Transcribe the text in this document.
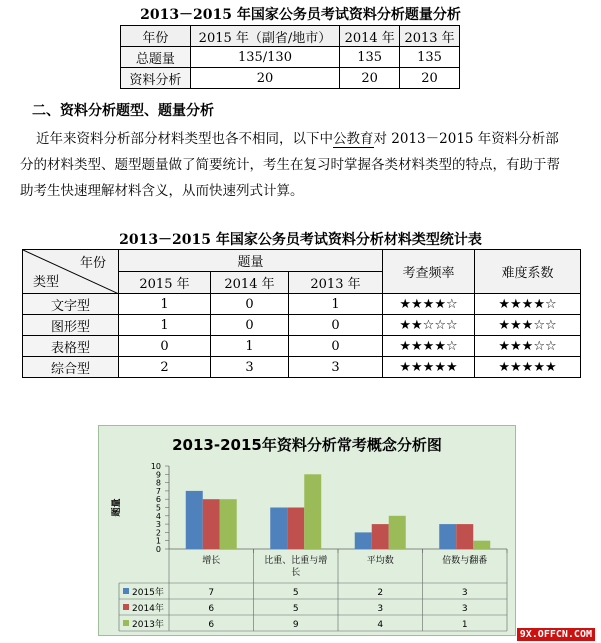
2013－2015 年国家公务员考试资料分析题量分析
年份	2015 年（副省/地市）	2014 年	2013 年
总题量	135/130	135	135
资料分析	20	20	20
二、资料分析题型、题量分析
近年来资料分析部分材料类型也各不相同，以下中公教育对 2013－2015 年资料分析部
分的材料类型、题型题量做了简要统计，考生在复习时掌握各类材料类型的特点，有助于帮
助考生快速理解材料含义，从而快速列式计算。
2013－2015 年国家公务员考试资料分析材料类型统计表
年份
类型	题量			考查频率	难度系数
	2015 年	2014 年	2013 年		
文字型	1	0	1	★★★★☆	★★★★☆
图形型	1	0	0	★★☆☆☆	★★★☆☆
表格型	0	1	0	★★★★☆	★★★☆☆
综合型	2	3	3	★★★★★	★★★★★
2013-2015年资料分析常考概念分析图
题量
0
1
2
3
4
5
6
7
8
9
10
增长	比重、比重与增
长
平均数	倍数与翻番
2015年	7	5	2	3
2014年	6	5	3	3
2013年	6	9	4	1
9X.OFFCN.COM
